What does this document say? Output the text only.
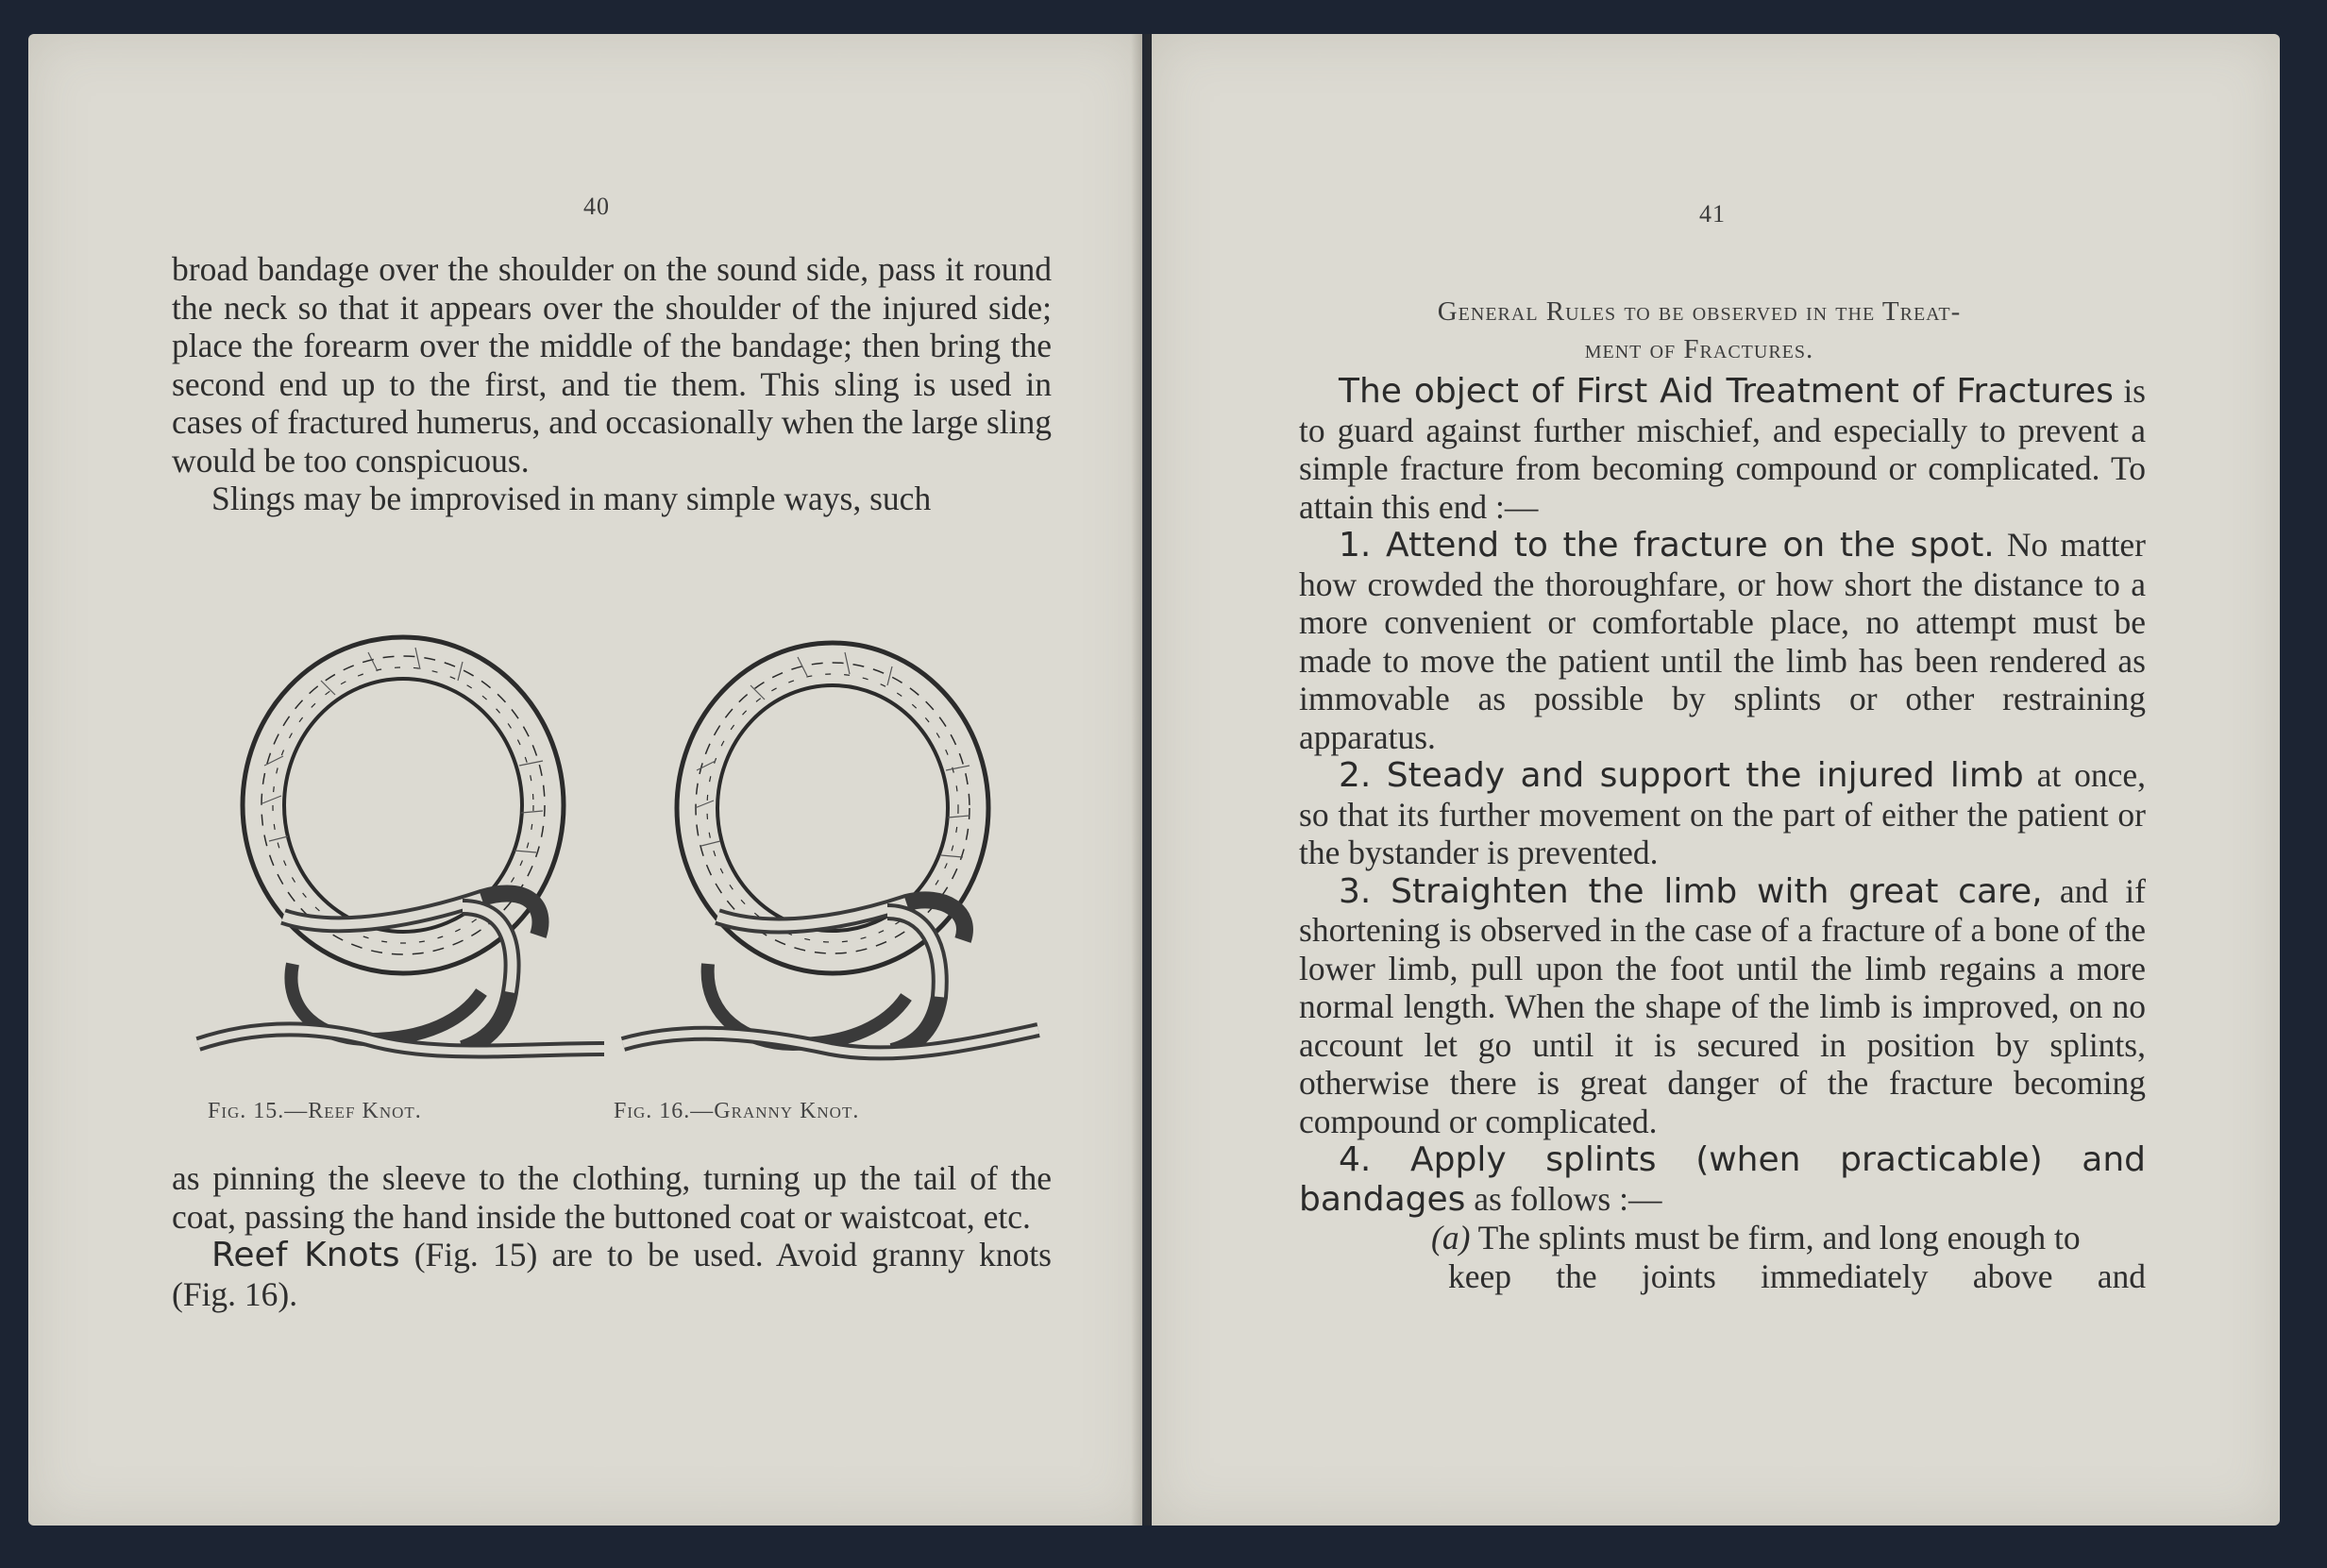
40

broad bandage over the shoulder on the sound side, pass it round the neck so that it appears over the shoulder of the injured side; place the forearm over the middle of the bandage; then bring the second end up to the first, and tie them. This sling is used in cases of fractured humerus, and occasionally when the large sling would be too conspicuous.

Slings may be improvised in many simple ways, such

Fig. 15.—Reef Knot.	Fig. 16.—Granny Knot.

as pinning the sleeve to the clothing, turning up the tail of the coat, passing the hand inside the buttoned coat or waistcoat, etc.

Reef Knots (Fig. 15) are to be used. Avoid granny knots (Fig. 16).

41
General Rules to be observed in the Treat-
ment of Fractures.

The object of First Aid Treatment of Fractures is to guard against further mischief, and especially to prevent a simple fracture from becoming compound or complicated. To attain this end :—

1. Attend to the fracture on the spot. No matter how crowded the thoroughfare, or how short the distance to a more convenient or comfortable place, no attempt must be made to move the patient until the limb has been rendered as immovable as possible by splints or other restraining apparatus.

2. Steady and support the injured limb at once, so that its further movement on the part of either the patient or the bystander is prevented.

3. Straighten the limb with great care, and if shortening is observed in the case of a fracture of a bone of the lower limb, pull upon the foot until the limb regains a more normal length. When the shape of the limb is improved, on no account let go until it is secured in position by splints, otherwise there is great danger of the fracture becoming compound or complicated.

4. Apply splints (when practicable) and bandages as follows :—

(a) The splints must be firm, and long enough to

keep the joints immediately above and
